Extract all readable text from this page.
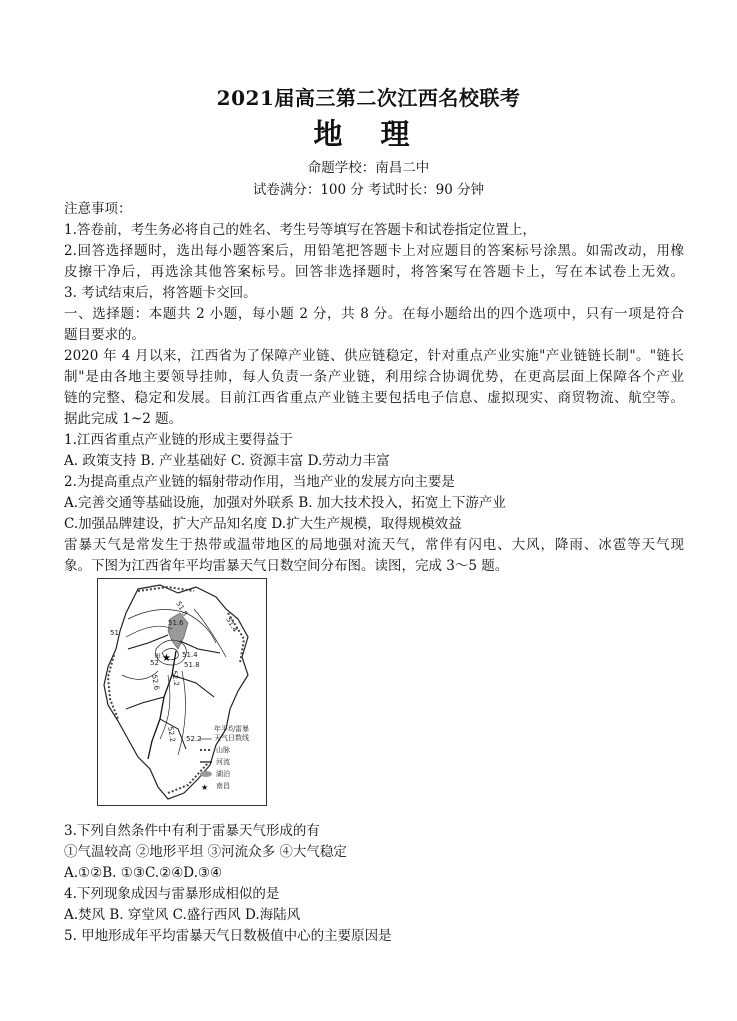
2021届高三第二次江西名校联考
地 理
命题学校：南昌二中
试卷满分：100 分 考试时长：90 分钟
注意事项：
1.答卷前，考生务必将自己的姓名、考生号等填写在答题卡和试卷指定位置上，
2.回答选择题时，选出每小题答案后，用铅笔把答题卡上对应题目的答案标号涂黑。如需改动，用橡
皮擦干净后，再选涂其他答案标号。回答非选择题时，将答案写在答题卡上，写在本试卷上无效。
3. 考试结束后，将答题卡交回。
一、选择题：本题共 2 小题，每小题 2 分，共 8 分。在每小题给出的四个选项中，只有一项是符合
题目要求的。
2020 年 4 月以来，江西省为了保障产业链、供应链稳定，针对重点产业实施"产业链链长制"。"链长
制"是由各地主要领导挂帅，每人负责一条产业链，利用综合协调优势，在更高层面上保障各个产业
链的完整、稳定和发展。目前江西省重点产业链主要包括电子信息、虚拟现实、商贸物流、航空等。
据此完成 1~2 题。
1.江西省重点产业链的形成主要得益于
A. 政策支持 B. 产业基础好 C. 资源丰富 D.劳动力丰富
2.为提高重点产业链的辐射带动作用，当地产业的发展方向主要是
A.完善交通等基础设施，加强对外联系 B. 加大技术投入，拓宽上下游产业
C.加强品牌建设，扩大产品知名度 D.扩大生产规模，取得规模效益
雷暴天气是常发生于热带或温带地区的局地强对流天气，常伴有闪电、大风，降雨、冰雹等天气现
象。下图为江西省年平均雷暴天气日数空间分布图。读图，完成 3～5 题。
★
51.8
51.6	51.4
51
51.4
51.8
52
52.2
52.6
52.2
甲
52.2
年平均雷暴
天气日数线
山脉
河流
湖泊
★ 南昌
3.下列自然条件中有利于雷暴天气形成的有
①气温较高 ②地形平坦 ③河流众多 ④大气稳定
A.①②B. ①③C.②④D.③④
4.下列现象成因与雷暴形成相似的是
A.焚风 B. 穿堂风 C.盛行西风 D.海陆风
5. 甲地形成年平均雷暴天气日数极值中心的主要原因是
